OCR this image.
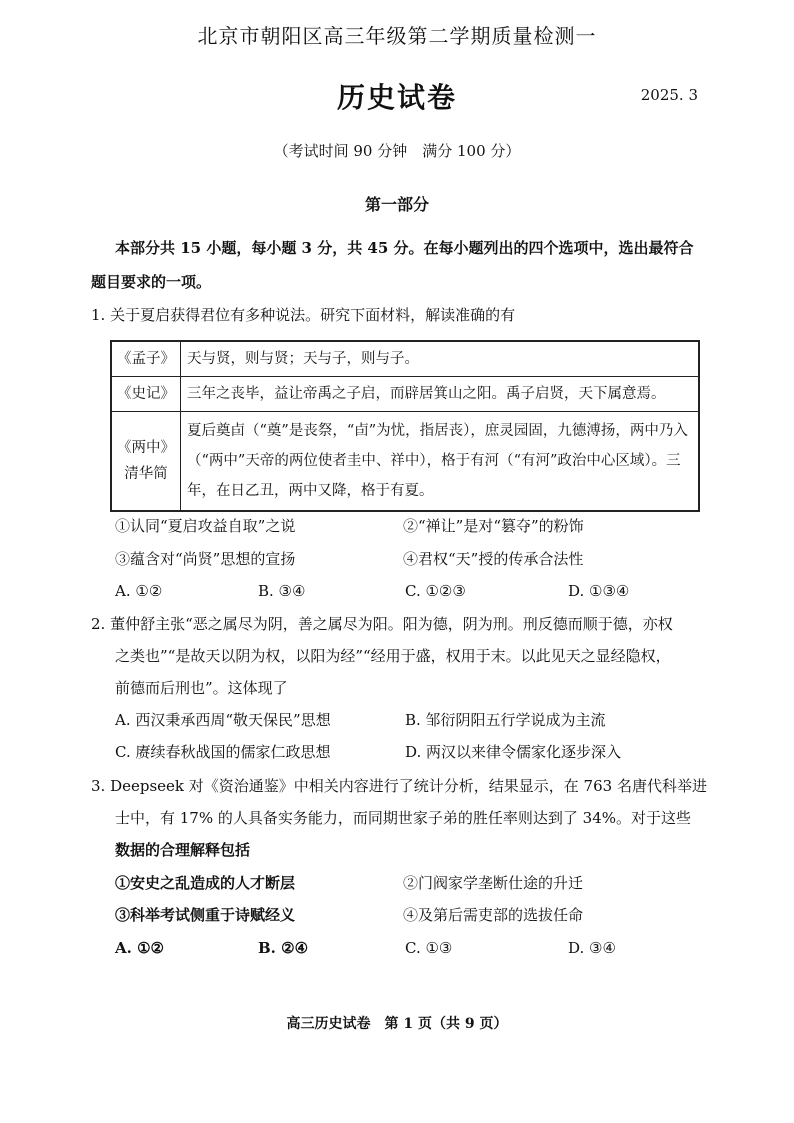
北京市朝阳区高三年级第二学期质量检测一
历史试卷	2025. 3
（考试时间 90 分钟　满分 100 分）
第一部分
本部分共 15 小题，每小题 3 分，共 45 分。在每小题列出的四个选项中，选出最符合
题目要求的一项。
1. 关于夏启获得君位有多种说法。研究下面材料，解读准确的有
《孟子》	天与贤，则与贤；天与子，则与子。
《史记》	三年之丧毕，益让帝禹之子启，而辟居箕山之阳。禹子启贤，天下属意焉。

《两中》
清华简	夏后奠卣（“奠”是丧祭，“卣”为忧，指居丧），庶灵园固，九德溥扬，两中乃入（“两中”天帝的两位使者圭中、祥中），格于有河（“有河”政治中心区域）。三年，在日乙丑，两中又降，格于有夏。
①认同“夏启攻益自取”之说	②“禅让”是对“篡夺”的粉饰
③蕴含对“尚贤”思想的宣扬	④君权“天”授的传承合法性
A. ①②	B. ③④	C. ①②③	D. ①③④
2. 董仲舒主张“恶之属尽为阴，善之属尽为阳。阳为德，阴为刑。刑反德而顺于德，亦权
之类也”“是故天以阴为权，以阳为经”“经用于盛，权用于末。以此见天之显经隐权，
前德而后刑也”。这体现了
A. 西汉秉承西周“敬天保民”思想	B. 邹衍阴阳五行学说成为主流
C. 赓续春秋战国的儒家仁政思想	D. 两汉以来律令儒家化逐步深入
3. Deepseek 对《资治通鉴》中相关内容进行了统计分析，结果显示，在 763 名唐代科举进
士中，有 17% 的人具备实务能力，而同期世家子弟的胜任率则达到了 34%。对于这些
数据的合理解释包括
①安史之乱造成的人才断层	②门阀家学垄断仕途的升迁
③科举考试侧重于诗赋经义	④及第后需吏部的选拔任命
A. ①②	B. ②④	C. ①③	D. ③④
高三历史试卷　第 1 页（共 9 页）
